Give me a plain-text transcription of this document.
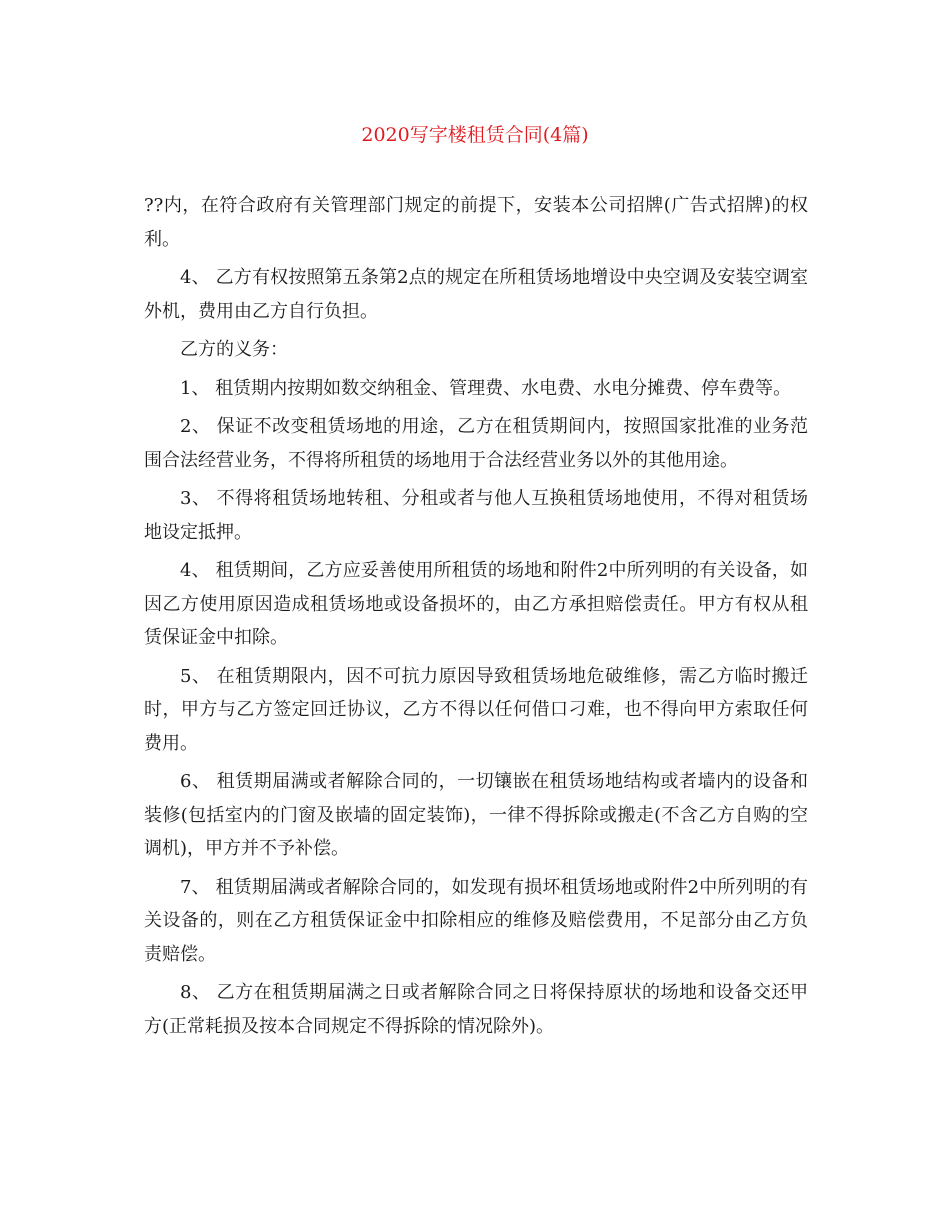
2020写字楼租赁合同(4篇)

??内，在符合政府有关管理部门规定的前提下，安装本公司招牌(广告式招牌)的权利。

4、 乙方有权按照第五条第2点的规定在所租赁场地增设中央空调及安装空调室外机，费用由乙方自行负担。

乙方的义务：

1、 租赁期内按期如数交纳租金、管理费、水电费、水电分摊费、停车费等。

2、 保证不改变租赁场地的用途，乙方在租赁期间内，按照国家批准的业务范围合法经营业务，不得将所租赁的场地用于合法经营业务以外的其他用途。

3、 不得将租赁场地转租、分租或者与他人互换租赁场地使用，不得对租赁场地设定抵押。

4、 租赁期间，乙方应妥善使用所租赁的场地和附件2中所列明的有关设备，如因乙方使用原因造成租赁场地或设备损坏的，由乙方承担赔偿责任。甲方有权从租赁保证金中扣除。

5、 在租赁期限内，因不可抗力原因导致租赁场地危破维修，需乙方临时搬迁时，甲方与乙方签定回迁协议，乙方不得以任何借口刁难，也不得向甲方索取任何费用。

6、 租赁期届满或者解除合同的，一切镶嵌在租赁场地结构或者墙内的设备和装修(包括室内的门窗及嵌墙的固定装饰)，一律不得拆除或搬走(不含乙方自购的空调机)，甲方并不予补偿。

7、 租赁期届满或者解除合同的，如发现有损坏租赁场地或附件2中所列明的有关设备的，则在乙方租赁保证金中扣除相应的维修及赔偿费用，不足部分由乙方负责赔偿。

8、 乙方在租赁期届满之日或者解除合同之日将保持原状的场地和设备交还甲方(正常耗损及按本合同规定不得拆除的情况除外)。
